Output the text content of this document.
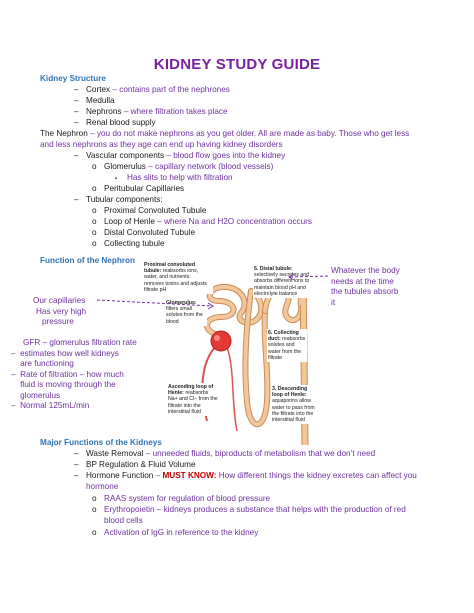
KIDNEY STUDY GUIDE
Kidney Structure
– Cortex – contains part of the nephrones
– Medulla
– Nephrons – where filtration takes place
– Renal blood supply
The Nephron – you do not make nephrons as you get older. All are made as baby. Those who get less
and less nephrons as they age can end up having kidney disorders
– Vascular components – blood flow goes into the kidney
o Glomerulus – capillary network (blood vessels)
▪ Has slits to help with filtration
o Peritubular Capillaries
– Tubular components:
o Proximal Convoluted Tubule
o Loop of Henle – where Na and H2O concentration occurs
o Distal Convoluted Tubule
o Collecting tubule
Function of the Nephron Proximal convoluted tubule: reabsorbs ions, water, and nutrients; removes toxins and adjusts filtrate pH
5. Distal tubule: selectively secretes and absorbs different ions to maintain blood pH and electrolyte balance
Glomerulus: filters small solutes from the blood
6. Collecting duct: reabsorbs solutes and water from the filtrate
Ascending loop of Henle: reabsorbs Na+ and Cl− from the filtrate into the interstitial fluid
3. Descending loop of Henle: aquaporins allow water to pass from the filtrate into the interstitial fluid
Whatever the body
needs at the time
the tubules absorb
it
Our capillaries
Has very high
pressure
GFR – glomerulus filtration rate
–  estimates how well kidneys
are functioning
–  Rate of filtration – how much
fluid is moving through the
glomerulus
–  Normal 125mL/min
Major Functions of the Kidneys
– Waste Removal – unneeded fluids, biproducts of metabolism that we don’t need
– BP Regulation & Fluid Volume
– Hormone Function – MUST KNOW: How different things the kidney excretes can affect you
hormone
o RAAS system for regulation of blood pressure
o Erythropoietin – kidneys produces a substance that helps with the production of red
blood cells
o Activation of IgG in reference to the kidney
